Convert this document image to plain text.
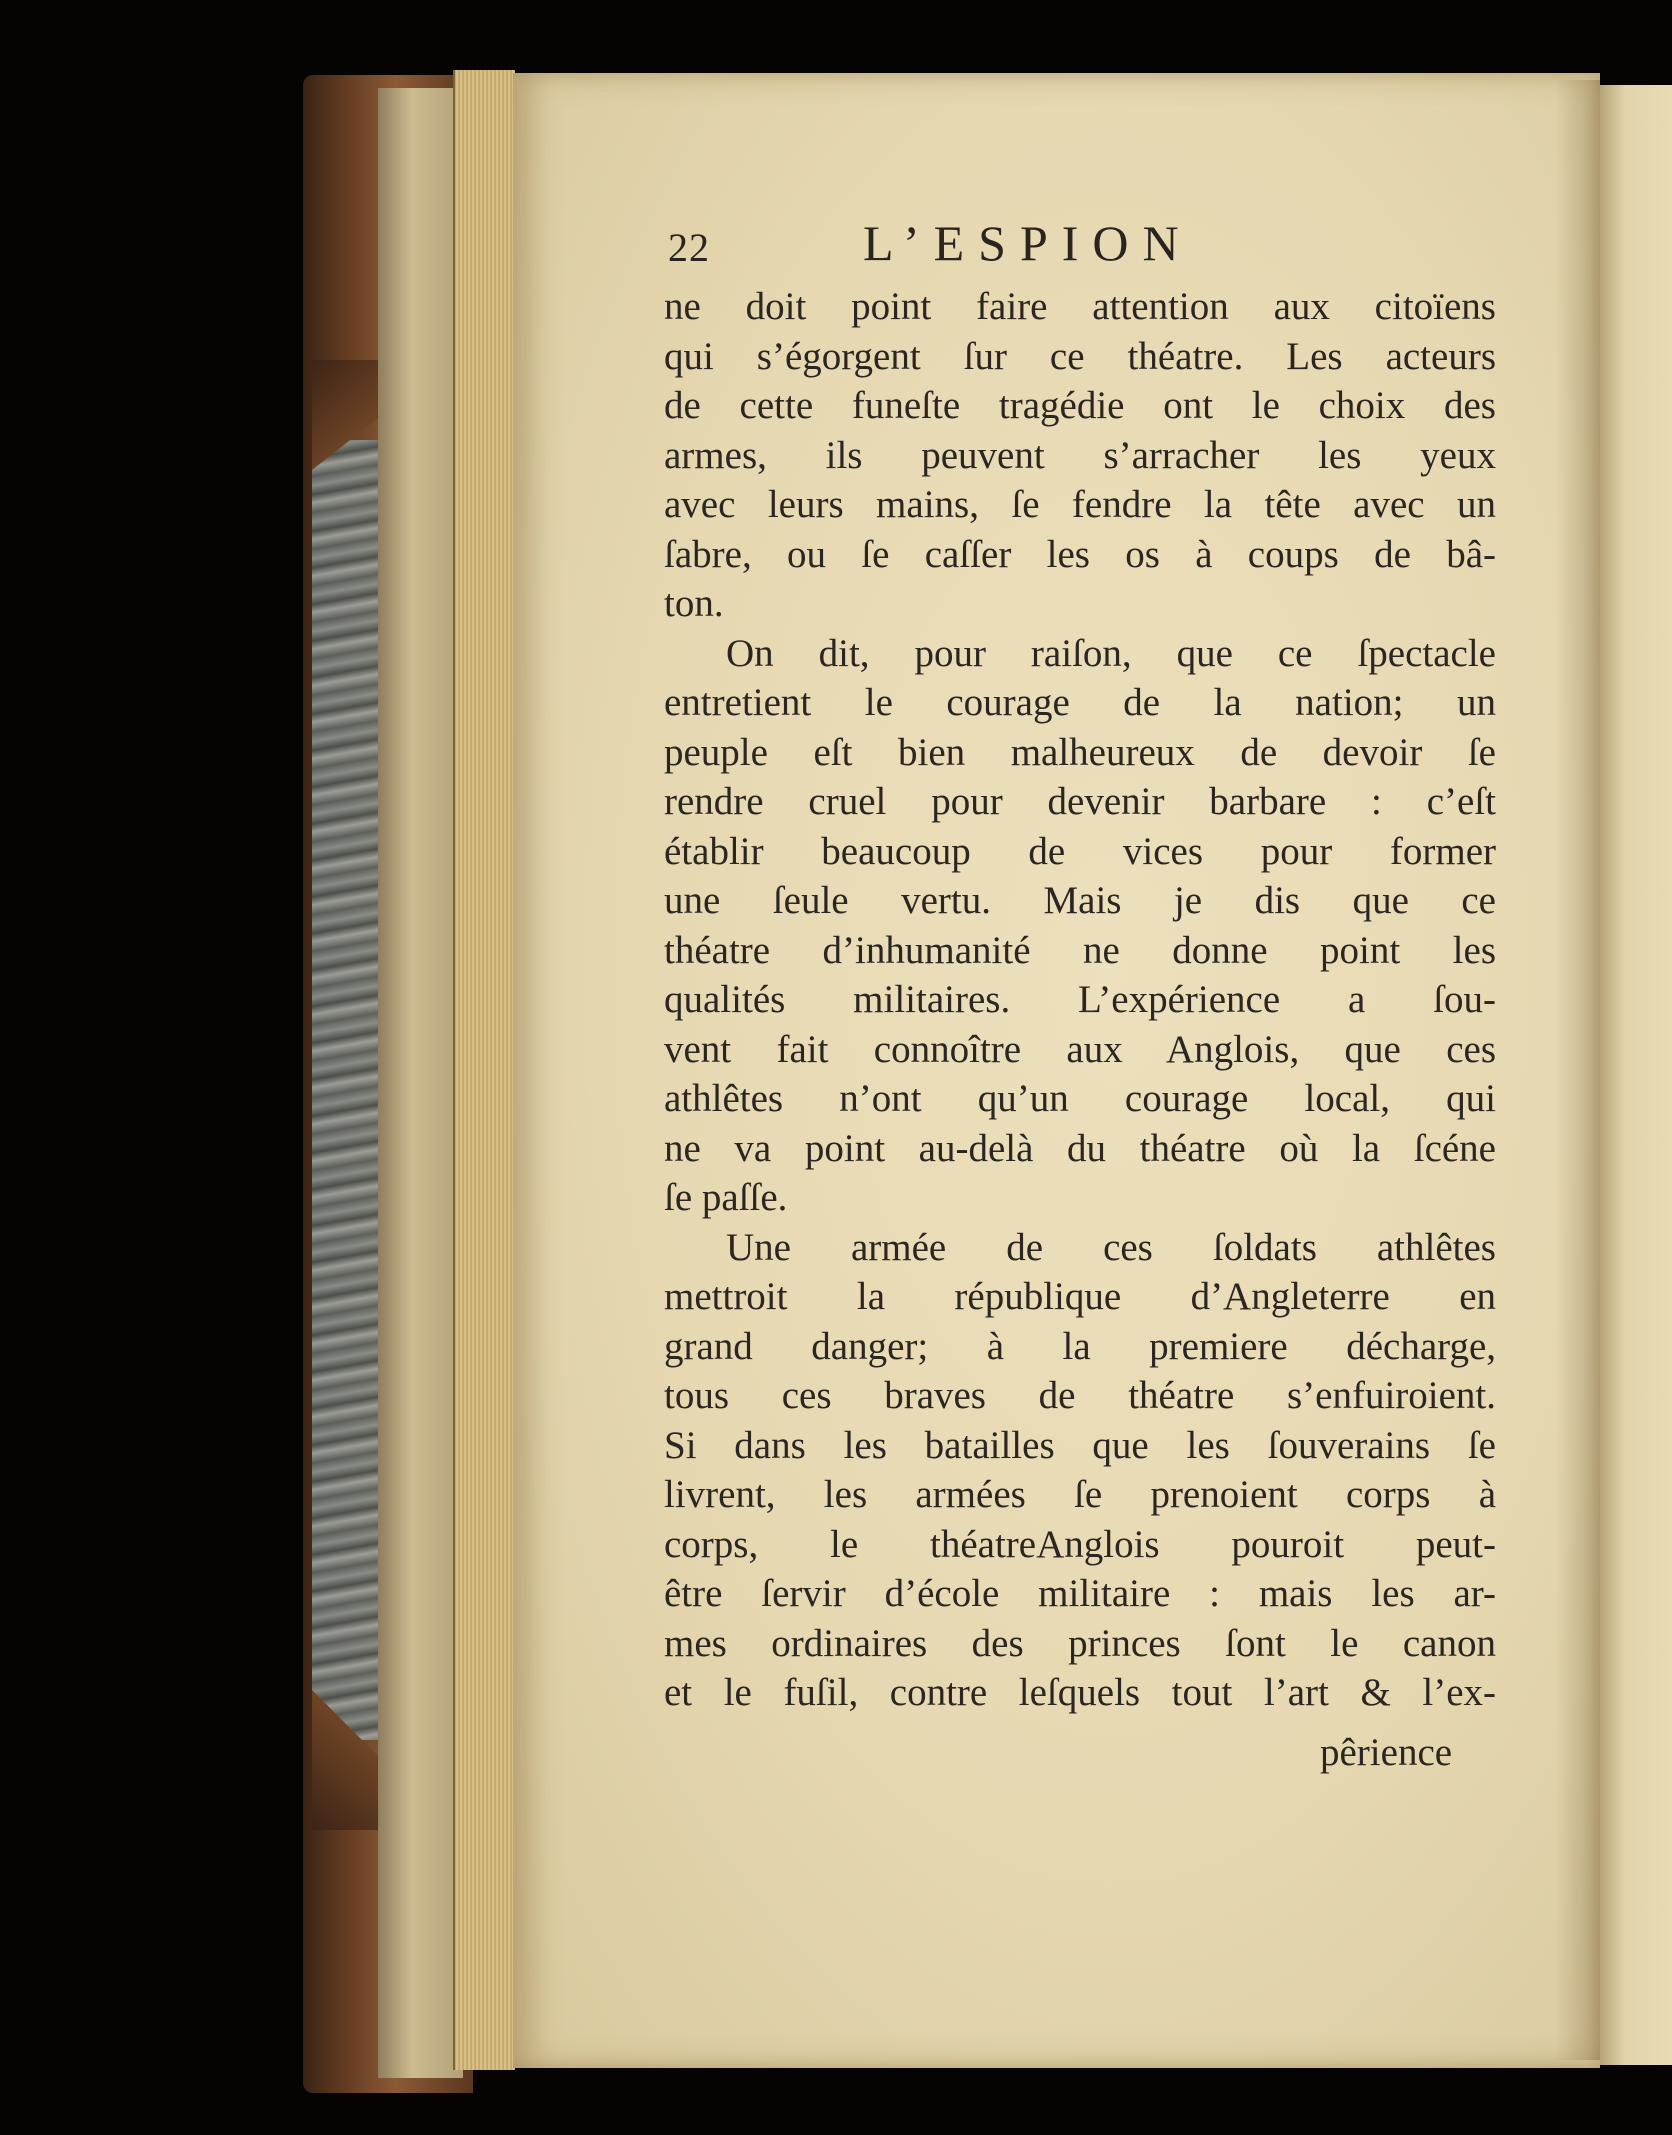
22	L’ESPION
ne doit point faire attention aux citoïens
qui s’égorgent ſur ce théatre. Les acteurs
de cette funeſte tragédie ont le choix des
armes, ils peuvent s’arracher les yeux
avec leurs mains, ſe fendre la tête avec un
ſabre, ou ſe caſſer les os à coups de bâ-
ton.
On dit, pour raiſon, que ce ſpectacle
entretient le courage de la nation; un
peuple eſt bien malheureux de devoir ſe
rendre cruel pour devenir barbare : c’eſt
établir beaucoup de vices pour former
une ſeule vertu. Mais je dis que ce
théatre d’inhumanité ne donne point les
qualités militaires. L’expérience a ſou-
vent fait connoître aux Anglois, que ces
athlêtes n’ont qu’un courage local, qui
ne va point au-delà du théatre où la ſcéne
ſe paſſe.
Une armée de ces ſoldats athlêtes
mettroit la république d’Angleterre en
grand danger; à la premiere décharge,
tous ces braves de théatre s’enfuiroient.
Si dans les batailles que les ſouverains ſe
livrent, les armées ſe prenoient corps à
corps, le théatreAnglois pouroit peut-
être ſervir d’école militaire : mais les ar-
mes ordinaires des princes ſont le canon
et le fuſil, contre leſquels tout l’art & l’ex-
pêrience
